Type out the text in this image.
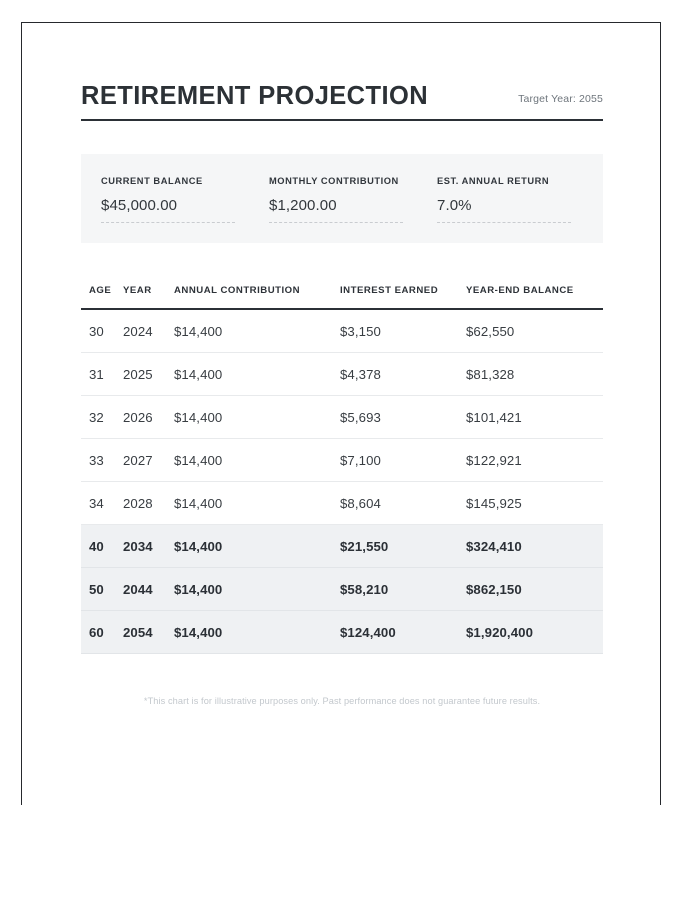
RETIREMENT PROJECTION	Target Year: 2055
CURRENT BALANCE
$45,000.00
MONTHLY CONTRIBUTION
$1,200.00
EST. ANNUAL RETURN
7.0%
AGE	YEAR	ANNUAL CONTRIBUTION	INTEREST EARNED	YEAR-END BALANCE
30	2024	$14,400	$3,150	$62,550
31	2025	$14,400	$4,378	$81,328
32	2026	$14,400	$5,693	$101,421
33	2027	$14,400	$7,100	$122,921
34	2028	$14,400	$8,604	$145,925
40	2034	$14,400	$21,550	$324,410
50	2044	$14,400	$58,210	$862,150
60	2054	$14,400	$124,400	$1,920,400
*This chart is for illustrative purposes only. Past performance does not guarantee future results.
